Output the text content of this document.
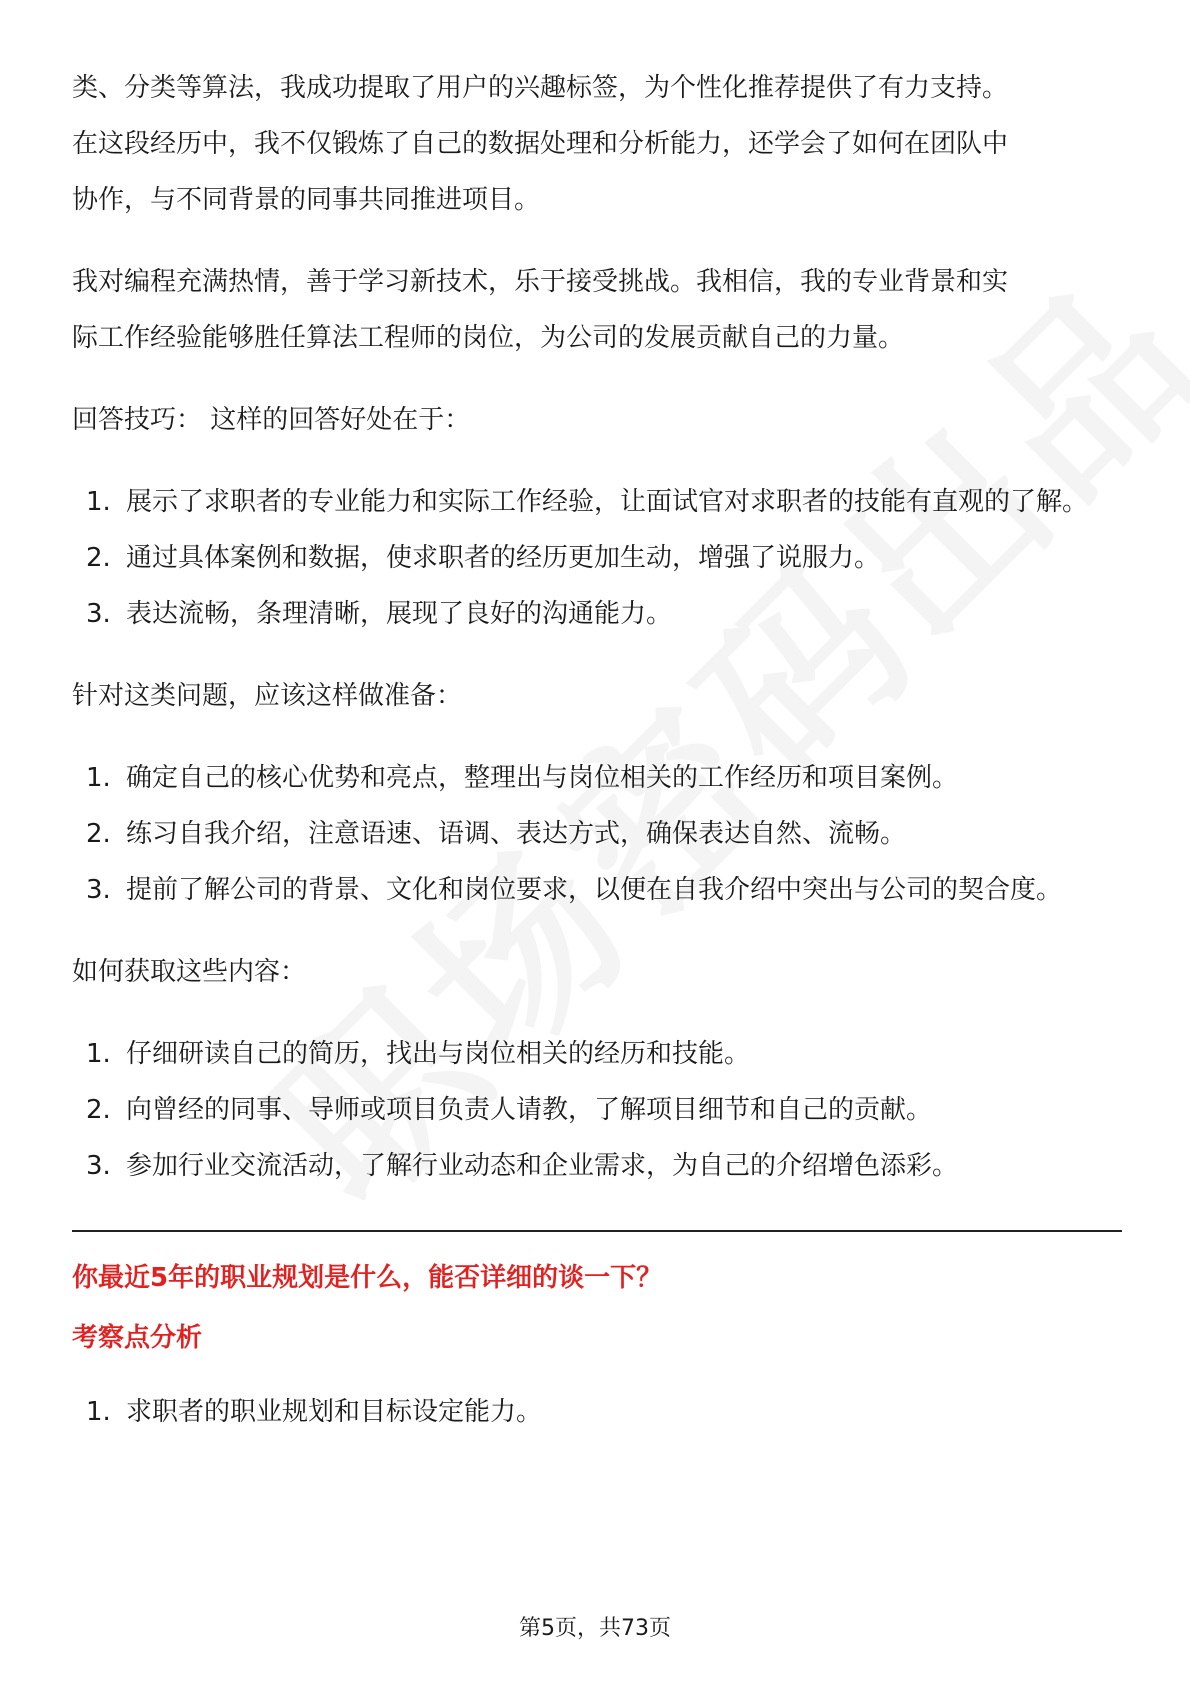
类、分类等算法，我成功提取了用户的兴趣标签，为个性化推荐提供了有力支持。

在这段经历中，我不仅锻炼了自己的数据处理和分析能力，还学会了如何在团队中

协作，与不同背景的同事共同推进项目。

我对编程充满热情，善于学习新技术，乐于接受挑战。我相信，我的专业背景和实

际工作经验能够胜任算法工程师的岗位，为公司的发展贡献自己的力量。

回答技巧： 这样的回答好处在于：
1. 展示了求职者的专业能力和实际工作经验，让面试官对求职者的技能有直观的了解。
2. 通过具体案例和数据，使求职者的经历更加生动，增强了说服力。
3. 表达流畅，条理清晰，展现了良好的沟通能力。
针对这类问题，应该这样做准备：
1. 确定自己的核心优势和亮点，整理出与岗位相关的工作经历和项目案例。
2. 练习自我介绍，注意语速、语调、表达方式，确保表达自然、流畅。
3. 提前了解公司的背景、文化和岗位要求，以便在自我介绍中突出与公司的契合度。
如何获取这些内容：
1. 仔细研读自己的简历，找出与岗位相关的经历和技能。
2. 向曾经的同事、导师或项目负责人请教，了解项目细节和自己的贡献。
3. 参加行业交流活动，了解行业动态和企业需求，为自己的介绍增色添彩。
你最近5年的职业规划是什么，能否详细的谈一下？
考察点分析
1. 求职者的职业规划和目标设定能力。
第5页，共73页
